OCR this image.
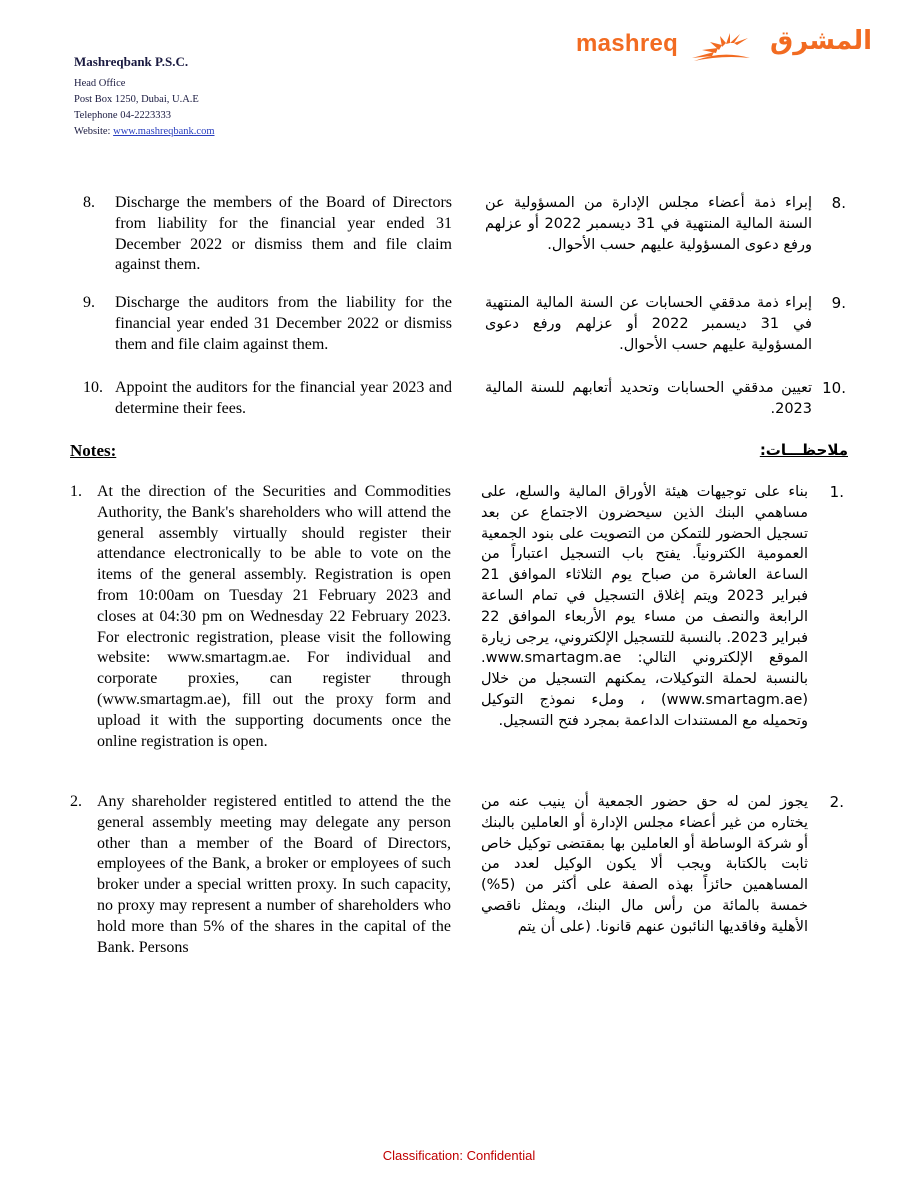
Mashreqbank P.S.C.
Head Office
Post Box 1250, Dubai, U.A.E
Telephone 04-2223333
Website: www.mashreqbank.com
mashreq	المشرق
8. Discharge the members of the Board of Directors from liability for the financial year ended 31 December 2022 or dismiss them and file claim against them.
.8
إبراء ذمة أعضاء مجلس الإدارة من المسؤولية عن السنة المالية المنتهية في 31 ديسمبر 2022 أو عزلهم ورفع دعوى المسؤولية عليهم حسب الأحوال.
9. Discharge the auditors from the liability for the financial year ended 31 December 2022 or dismiss them and file claim against them.
.9
إبراء ذمة مدققي الحسابات عن السنة المالية المنتهية في 31 ديسمبر 2022 أو عزلهم ورفع دعوى المسؤولية عليهم حسب الأحوال.
10. Appoint the auditors for the financial year 2023 and determine their fees.
.10
تعيين مدققي الحسابات وتحديد أتعابهم للسنة المالية 2023.
Notes:	ملاحظـــات:
1. At the direction of the Securities and Commodities Authority, the Bank's shareholders who will attend the general assembly virtually should register their attendance electronically to be able to vote on the items of the general assembly. Registration is open from 10:00am on Tuesday 21 February 2023 and closes at 04:30 pm on Wednesday 22 February 2023. For electronic registration, please visit the following website: www.smartagm.ae. For individual and corporate proxies, can register through (www.smartagm.ae), fill out the proxy form and upload it with the supporting documents once the online registration is open.
.1
بناء على توجيهات هيئة الأوراق المالية والسلع، على مساهمي البنك الذين سيحضرون الاجتماع عن بعد تسجيل الحضور للتمكن من التصويت على بنود الجمعية العمومية الكترونياً. يفتح باب التسجيل اعتباراً من الساعة العاشرة من صباح يوم الثلاثاء الموافق 21 فبراير 2023 ويتم إغلاق التسجيل في تمام الساعة الرابعة والنصف من مساء يوم الأربعاء الموافق 22 فبراير 2023. بالنسبة للتسجيل الإلكتروني، يرجى زيارة الموقع الإلكتروني التالي: www.smartagm.ae. بالنسبة لحملة التوكيلات، يمكنهم التسجيل من خلال (www.smartagm.ae) ، وملء نموذج التوكيل وتحميله مع المستندات الداعمة بمجرد فتح التسجيل.
2. Any shareholder registered entitled to attend the the general assembly meeting may delegate any person other than a member of the Board of Directors, employees of the Bank, a broker or employees of such broker under a special written proxy. In such capacity, no proxy may represent a number of shareholders who hold more than 5% of the shares in the capital of the Bank. Persons
.2
يجوز لمن له حق حضور الجمعية أن ينيب عنه من يختاره من غير أعضاء مجلس الإدارة أو العاملين بالبنك أو شركة الوساطة أو العاملين بها بمقتضى توكيل خاص ثابت بالكتابة ويجب ألا يكون الوكيل لعدد من المساهمين حائزاً بهذه الصفة على أكثر من (5%) خمسة بالمائة من رأس مال البنك، ويمثل ناقصي الأهلية وفاقديها النائبون عنهم قانونا. (على أن يتم
Classification: Confidential
